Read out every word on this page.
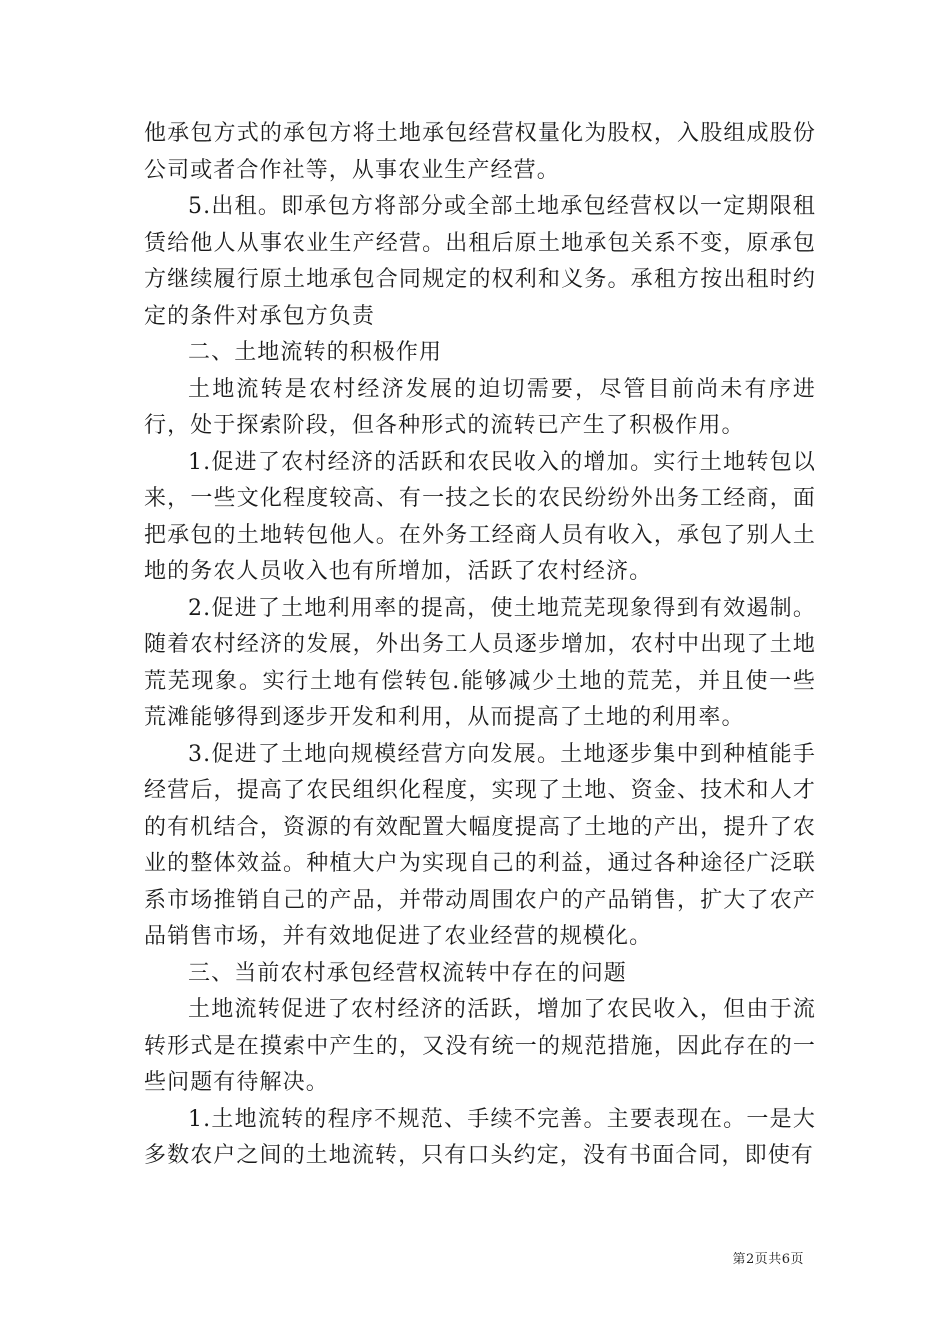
他承包方式的承包方将土地承包经营权量化为股权，入股组成股份公司或者合作社等，从事农业生产经营。

5.出租。即承包方将部分或全部土地承包经营权以一定期限租赁给他人从事农业生产经营。出租后原土地承包关系不变，原承包方继续履行原土地承包合同规定的权利和义务。承租方按出租时约定的条件对承包方负责

二、土地流转的积极作用

土地流转是农村经济发展的迫切需要，尽管目前尚未有序进行，处于探索阶段，但各种形式的流转已产生了积极作用。

1.促进了农村经济的活跃和农民收入的增加。实行土地转包以来，一些文化程度较高、有一技之长的农民纷纷外出务工经商，面把承包的土地转包他人。在外务工经商人员有收入，承包了别人土地的务农人员收入也有所增加，活跃了农村经济。

2.促进了土地利用率的提高，使土地荒芜现象得到有效遏制。随着农村经济的发展，外出务工人员逐步增加，农村中出现了土地荒芜现象。实行土地有偿转包.能够减少土地的荒芜，并且使一些荒滩能够得到逐步开发和利用，从而提高了土地的利用率。

3.促进了土地向规模经营方向发展。土地逐步集中到种植能手经营后，提高了农民组织化程度，实现了土地、资金、技术和人才的有机结合，资源的有效配置大幅度提高了土地的产出，提升了农业的整体效益。种植大户为实现自己的利益，通过各种途径广泛联系市场推销自己的产品，并带动周围农户的产品销售，扩大了农产品销售市场，并有效地促进了农业经营的规模化。

三、当前农村承包经营权流转中存在的问题

土地流转促进了农村经济的活跃，增加了农民收入，但由于流转形式是在摸索中产生的，又没有统一的规范措施，因此存在的一些问题有待解决。

1.土地流转的程序不规范、手续不完善。主要表现在。一是大多数农户之间的土地流转，只有口头约定，没有书面合同，即使有

第2页共6页
